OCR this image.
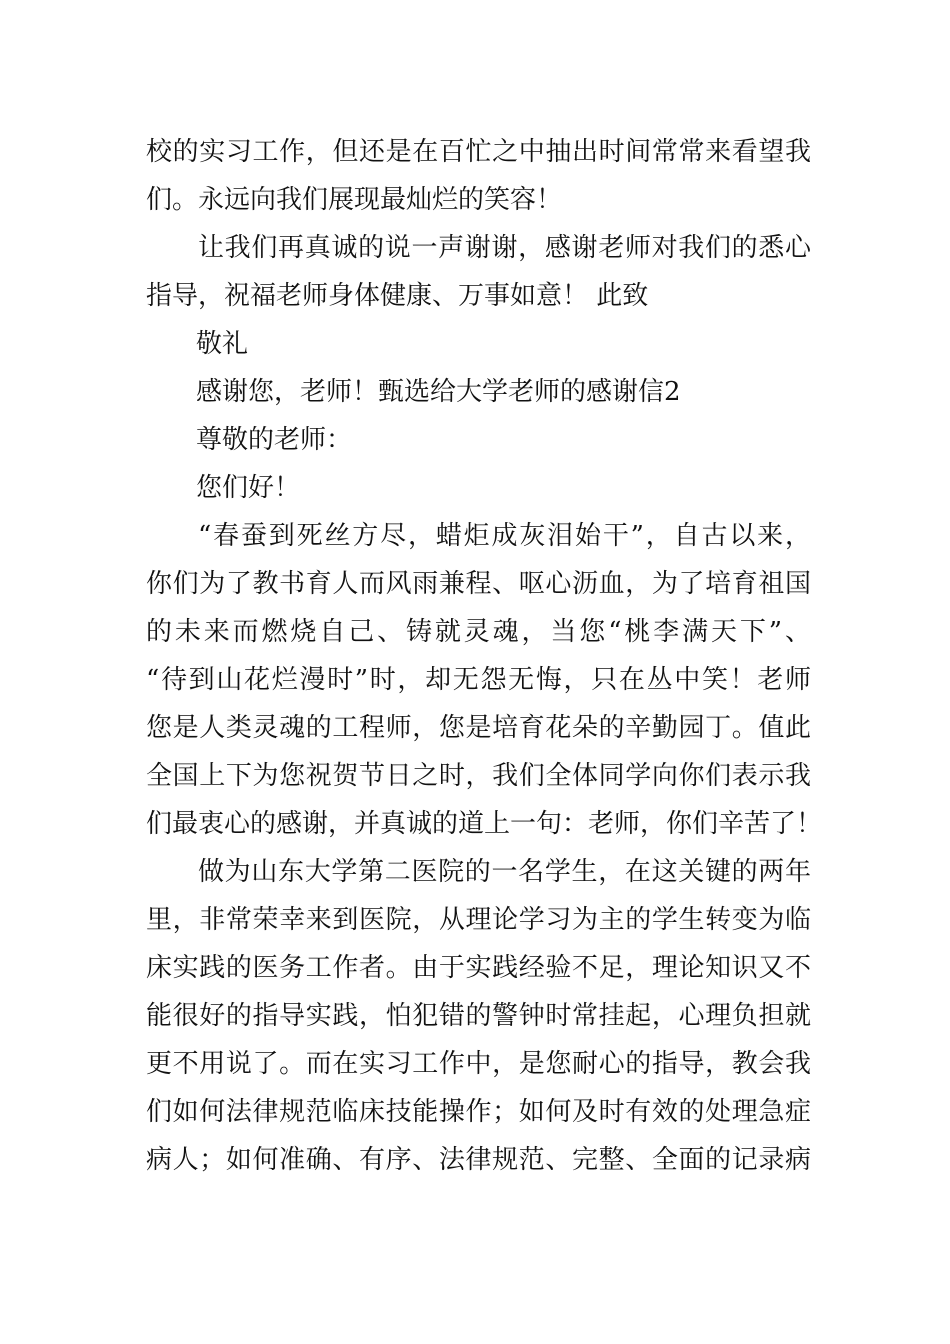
校的实习工作，但还是在百忙之中抽出时间常常来看望我
们。永远向我们展现最灿烂的笑容！
让我们再真诚的说一声谢谢，感谢老师对我们的悉心
指导，祝福老师身体健康、万事如意！ 此致
敬礼
感谢您，老师！甄选给大学老师的感谢信2
尊敬的老师：
您们好！
“春蚕到死丝方尽，蜡炬成灰泪始干”，自古以来，
你们为了教书育人而风雨兼程、呕心沥血，为了培育祖国
的未来而燃烧自己、铸就灵魂，当您“桃李满天下”、
“待到山花烂漫时”时，却无怨无悔，只在丛中笑！老师
您是人类灵魂的工程师，您是培育花朵的辛勤园丁。值此
全国上下为您祝贺节日之时，我们全体同学向你们表示我
们最衷心的感谢，并真诚的道上一句：老师，你们辛苦了！
做为山东大学第二医院的一名学生，在这关键的两年
里，非常荣幸来到医院，从理论学习为主的学生转变为临
床实践的医务工作者。由于实践经验不足，理论知识又不
能很好的指导实践，怕犯错的警钟时常挂起，心理负担就
更不用说了。而在实习工作中，是您耐心的指导，教会我
们如何法律规范临床技能操作；如何及时有效的处理急症
病人；如何准确、有序、法律规范、完整、全面的记录病
